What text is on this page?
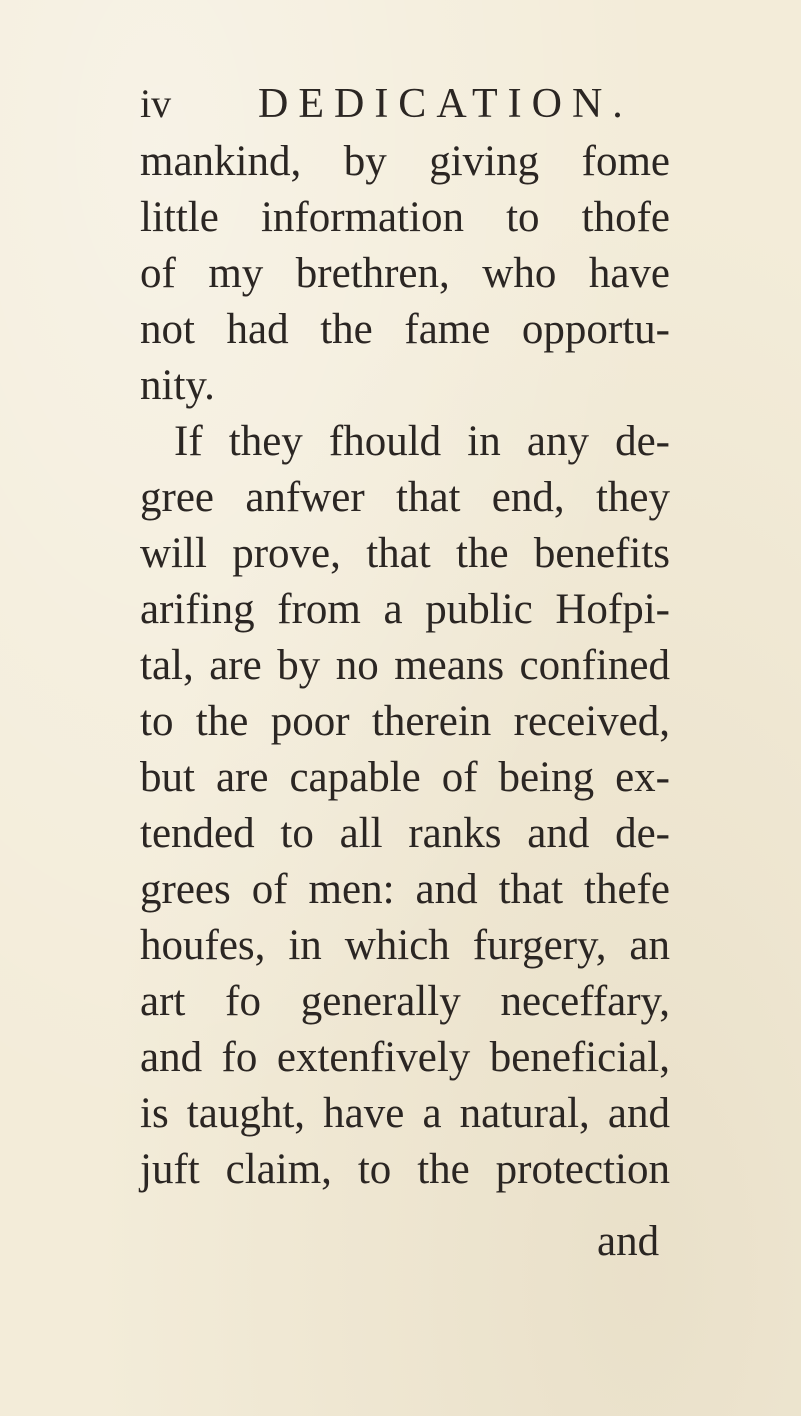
iv DEDICATION.
mankind, by giving fome
little information to thofe
of my brethren, who have
not had the fame opportu-
nity.
If they fhould in any de-
gree anfwer that end, they
will prove, that the benefits
arifing from a public Hofpi-
tal, are by no means confined
to the poor therein received,
but are capable of being ex-
tended to all ranks and de-
grees of men: and that thefe
houfes, in which furgery, an
art fo generally neceffary,
and fo extenfively beneficial,
is taught, have a natural, and
juft claim, to the protection
and
